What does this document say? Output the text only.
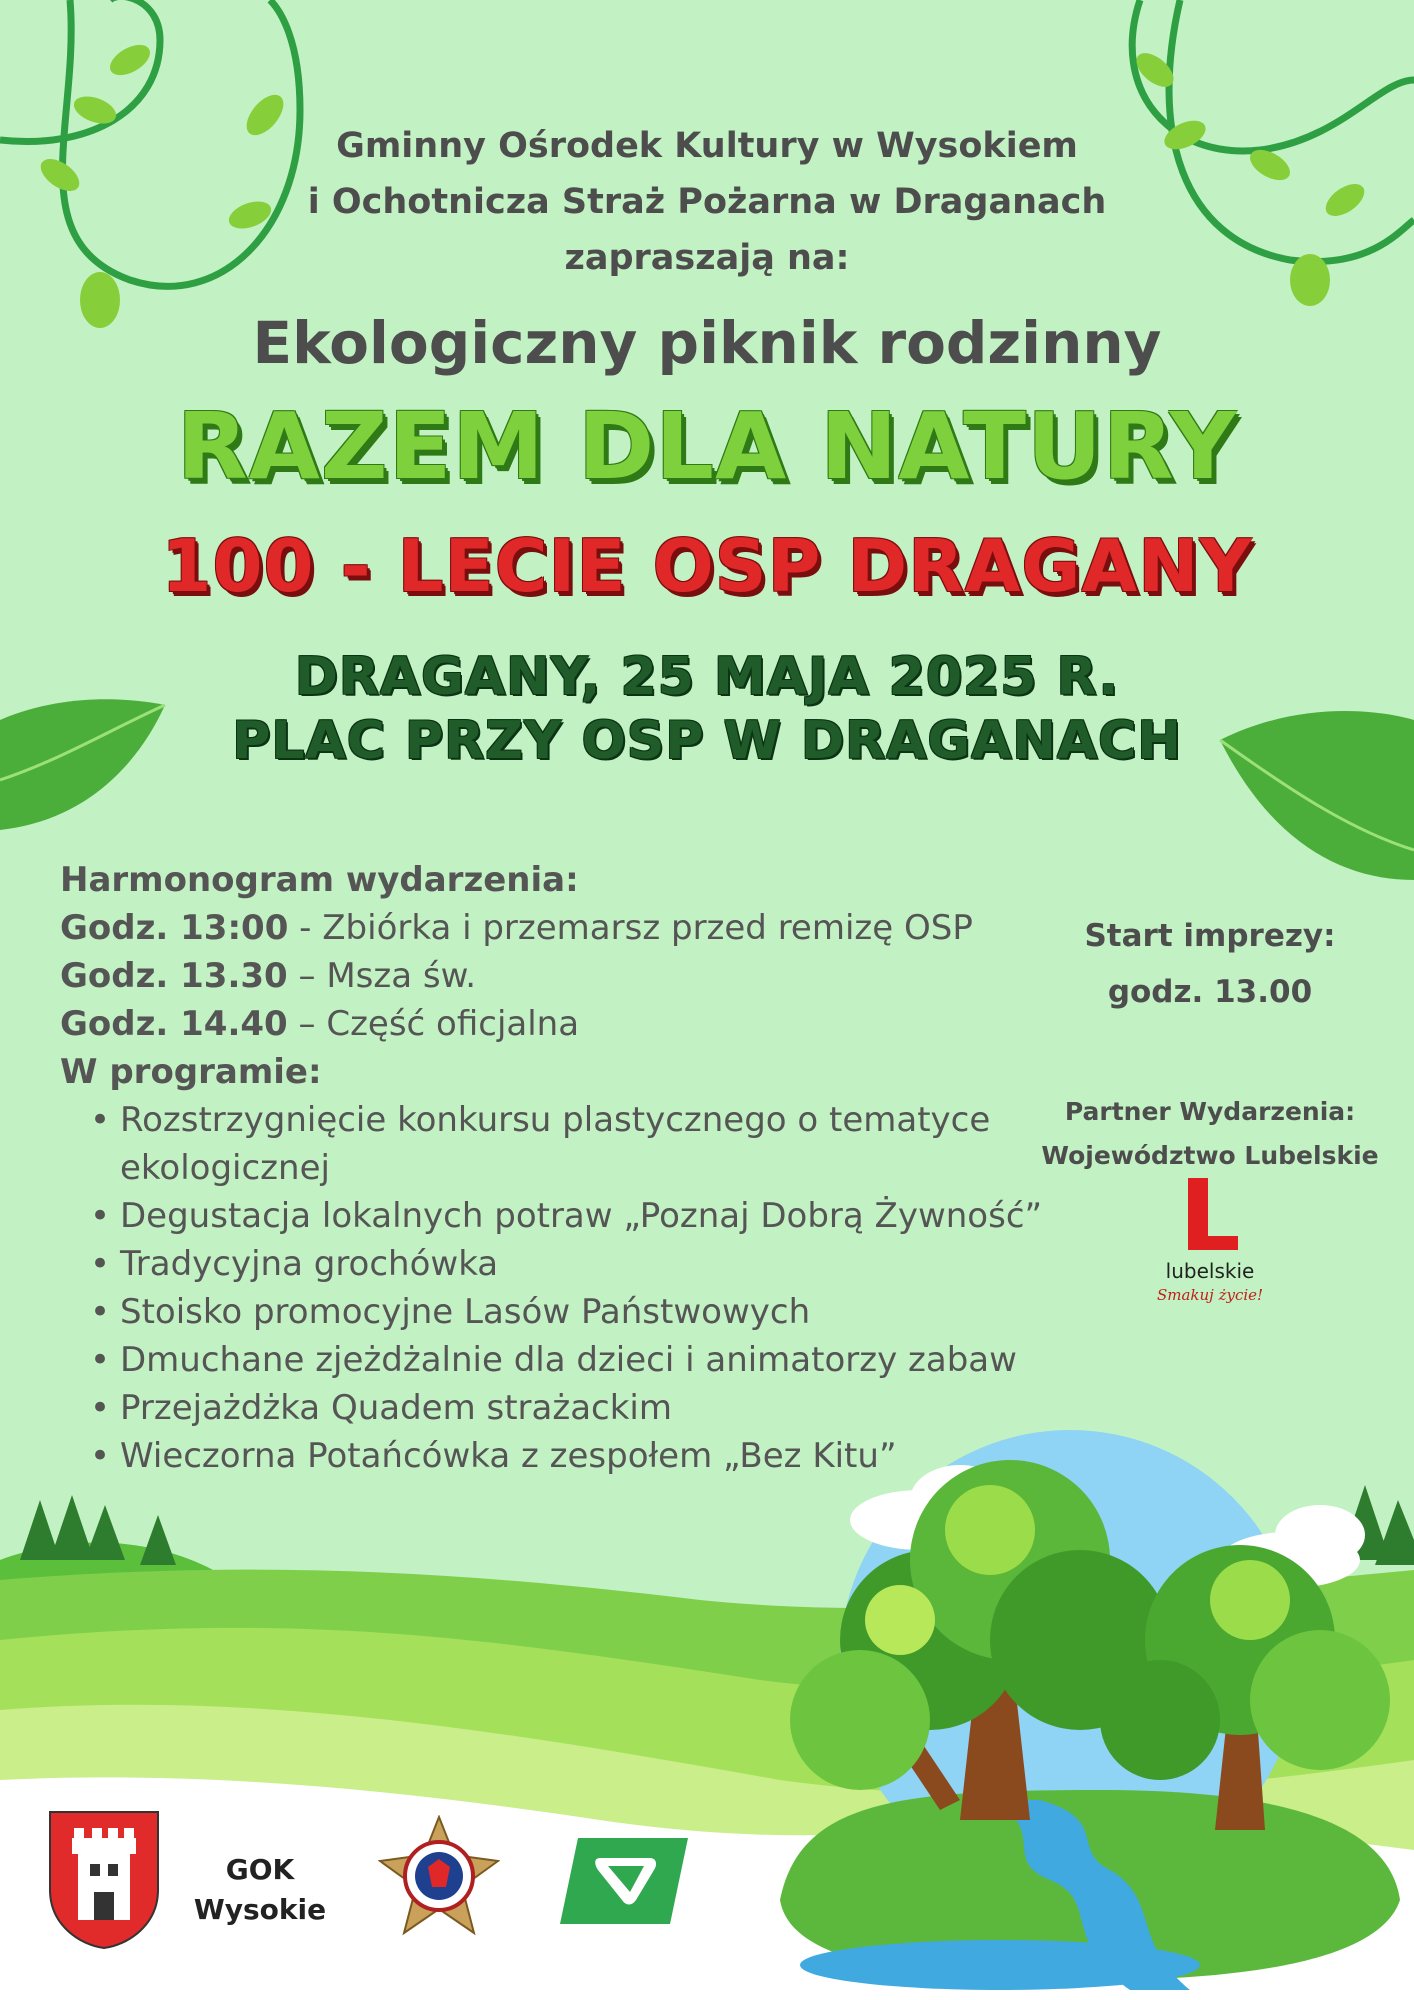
Gminny Ośrodek Kultury w Wysokiem
i Ochotnicza Straż Pożarna w Draganach
zapraszają na:
Ekologiczny piknik rodzinny
RAZEM DLA NATURY
100 - LECIE OSP DRAGANY
DRAGANY, 25 MAJA 2025 R.
PLAC PRZY OSP W DRAGANACH
Harmonogram wydarzenia:
Godz. 13:00 - Zbiórka i przemarsz przed remizę OSP
Godz. 13.30 – Msza św.
Godz. 14.40 – Część oficjalna
W programie:
• Rozstrzygnięcie konkursu plastycznego o tematyce ekologicznej
• Degustacja lokalnych potraw „Poznaj Dobrą Żywność”
• Tradycyjna grochówka
• Stoisko promocyjne Lasów Państwowych
• Dmuchane zjeżdżalnie dla dzieci i animatorzy zabaw
• Przejażdżka Quadem strażackim
• Wieczorna Potańcówka z zespołem „Bez Kitu”
Start imprezy:
godz. 13.00
Partner Wydarzenia:
Województwo Lubelskie
lubelskie
Smakuj życie!
GOK
Wysokie
